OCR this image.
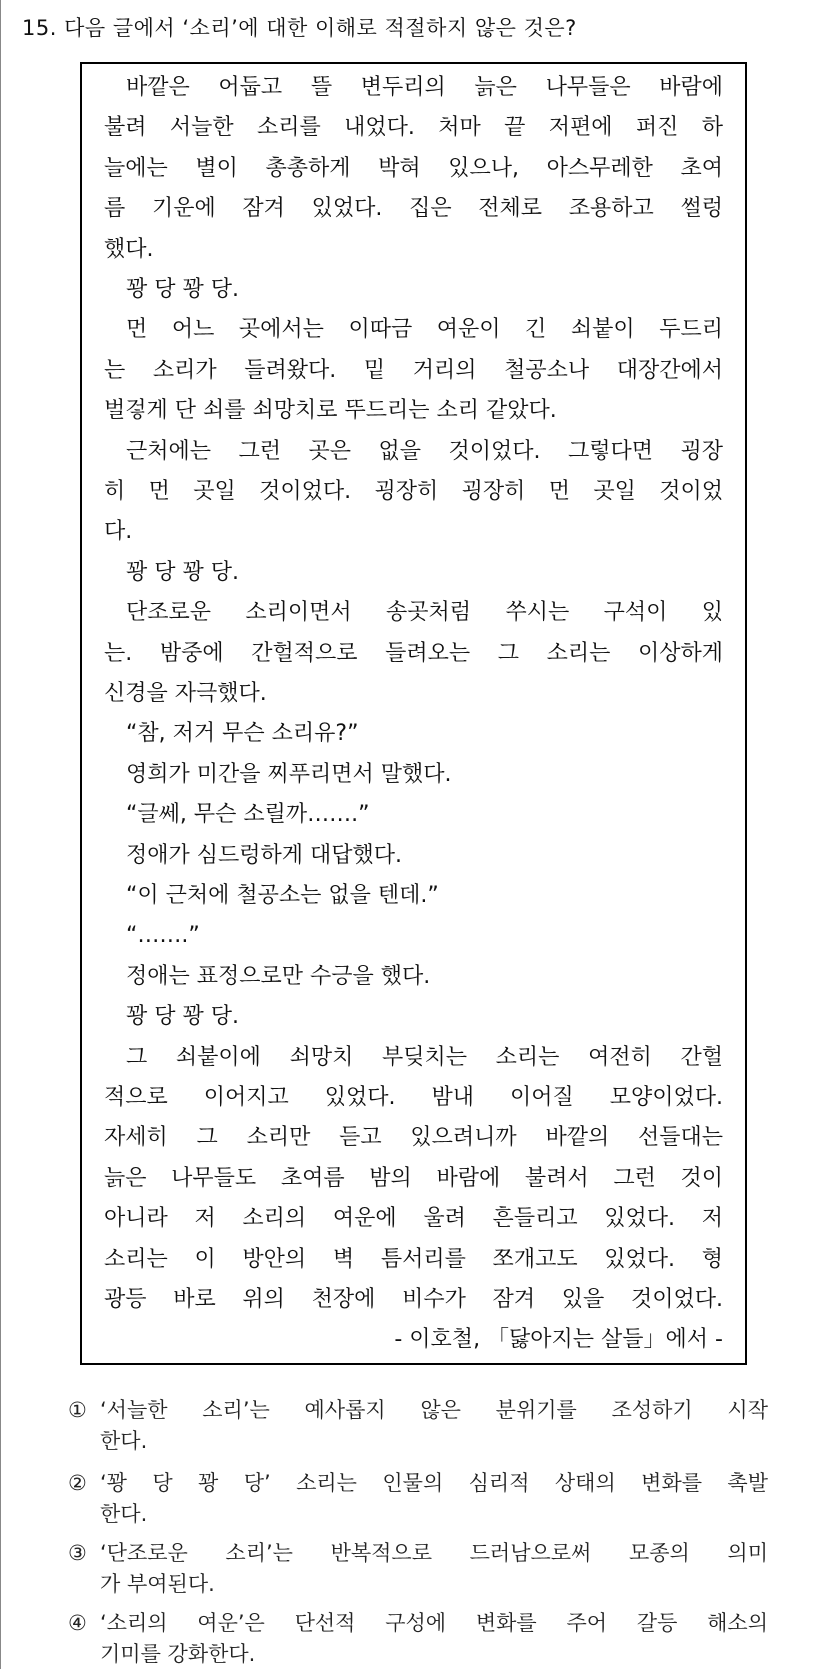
15. 다음 글에서 ‘소리’에 대한 이해로 적절하지 않은 것은?
바깥은 어둡고 뜰 변두리의 늙은 나무들은 바람에
불려 서늘한 소리를 내었다. 처마 끝 저편에 퍼진 하
늘에는 별이 총총하게 박혀 있으나, 아스무레한 초여
름 기운에 잠겨 있었다. 집은 전체로 조용하고 썰렁
했다.
꽝 당 꽝 당.
먼 어느 곳에서는 이따금 여운이 긴 쇠붙이 두드리
는 소리가 들려왔다. 밑 거리의 철공소나 대장간에서
벌겋게 단 쇠를 쇠망치로 뚜드리는 소리 같았다.
근처에는 그런 곳은 없을 것이었다. 그렇다면 굉장
히 먼 곳일 것이었다. 굉장히 굉장히 먼 곳일 것이었
다.
꽝 당 꽝 당.
단조로운 소리이면서 송곳처럼 쑤시는 구석이 있
는. 밤중에 간헐적으로 들려오는 그 소리는 이상하게
신경을 자극했다.
“참, 저거 무슨 소리유?”
영희가 미간을 찌푸리면서 말했다.
“글쎄, 무슨 소릴까…….”
정애가 심드렁하게 대답했다.
“이 근처에 철공소는 없을 텐데.”
“…….”
정애는 표정으로만 수긍을 했다.
꽝 당 꽝 당.
그 쇠붙이에 쇠망치 부딪치는 소리는 여전히 간헐
적으로 이어지고 있었다. 밤내 이어질 모양이었다.
자세히 그 소리만 듣고 있으려니까 바깥의 선들대는
늙은 나무들도 초여름 밤의 바람에 불려서 그런 것이
아니라 저 소리의 여운에 울려 흔들리고 있었다. 저
소리는 이 방안의 벽 틈서리를 쪼개고도 있었다. 형
광등 바로 위의 천장에 비수가 잠겨 있을 것이었다.
- 이호철, 「닳아지는 살들」에서 -
① ‘서늘한 소리’는 예사롭지 않은 분위기를 조성하기 시작
한다.
② ‘꽝 당 꽝 당’ 소리는 인물의 심리적 상태의 변화를 촉발
한다.
③ ‘단조로운 소리’는 반복적으로 드러남으로써 모종의 의미
가 부여된다.
④ ‘소리의 여운’은 단선적 구성에 변화를 주어 갈등 해소의
기미를 강화한다.
